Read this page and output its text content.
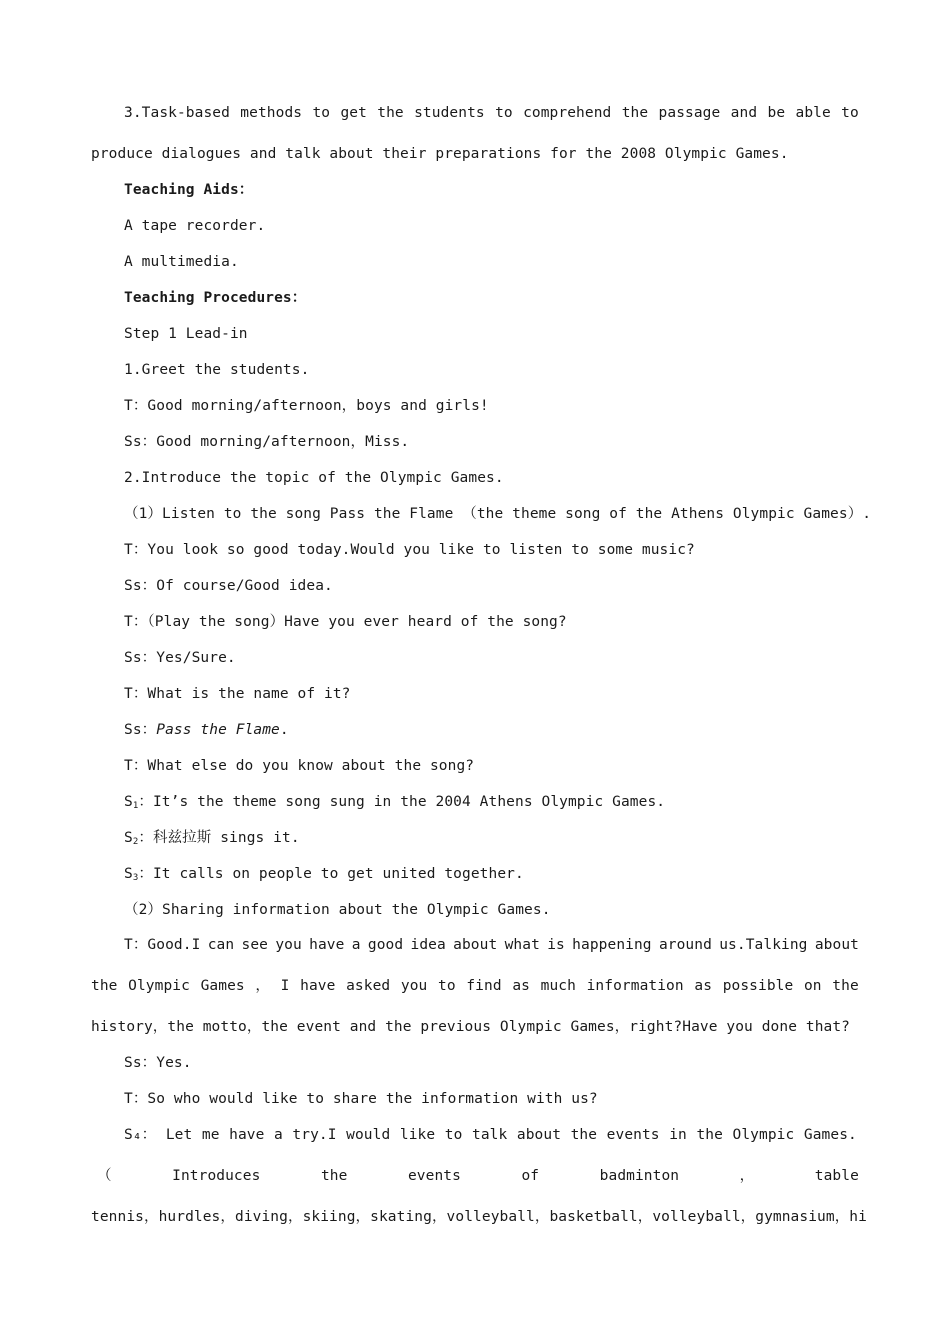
3.Task-based methods to get the students to comprehend the passage and be able to
produce dialogues and talk about their preparations for the 2008 Olympic Games.
Teaching Aids：
A tape recorder.
A multimedia.
Teaching Procedures：
Step 1 Lead-in
1.Greet the students.
T：Good morning/afternoon，boys and girls!
Ss：Good morning/afternoon，Miss.
2.Introduce the topic of the Olympic Games.
（1）Listen to the song Pass the Flame （the theme song of the Athens Olympic Games）.
T：You look so good today.Would you like to listen to some music?
Ss：Of course/Good idea.
T：（Play the song）Have you ever heard of the song?
Ss：Yes/Sure.
T：What is the name of it?
Ss：Pass the Flame.
T：What else do you know about the song?
$S_1$：It’s the theme song sung in the 2004 Athens Olympic Games.
$S_2$：科兹拉斯 sings it.
$S_3$：It calls on people to get united together.
（2）Sharing information about the Olympic Games.
T：Good.I can see you have a good idea about what is happening around us.Talking about
the Olympic Games ， I have asked you to find as much information as possible on the
history，the motto，the event and the previous Olympic Games，right?Have you done that?
Ss：Yes.
T：So who would like to share the information with us?
S₄： Let me have a try.I would like to talk about the events in the Olympic Games.
（	Introduces	the	events	of	badminton	，	table
tennis，hurdles，diving，skiing，skating，volleyball，basketball，volleyball，gymnasium，hi
